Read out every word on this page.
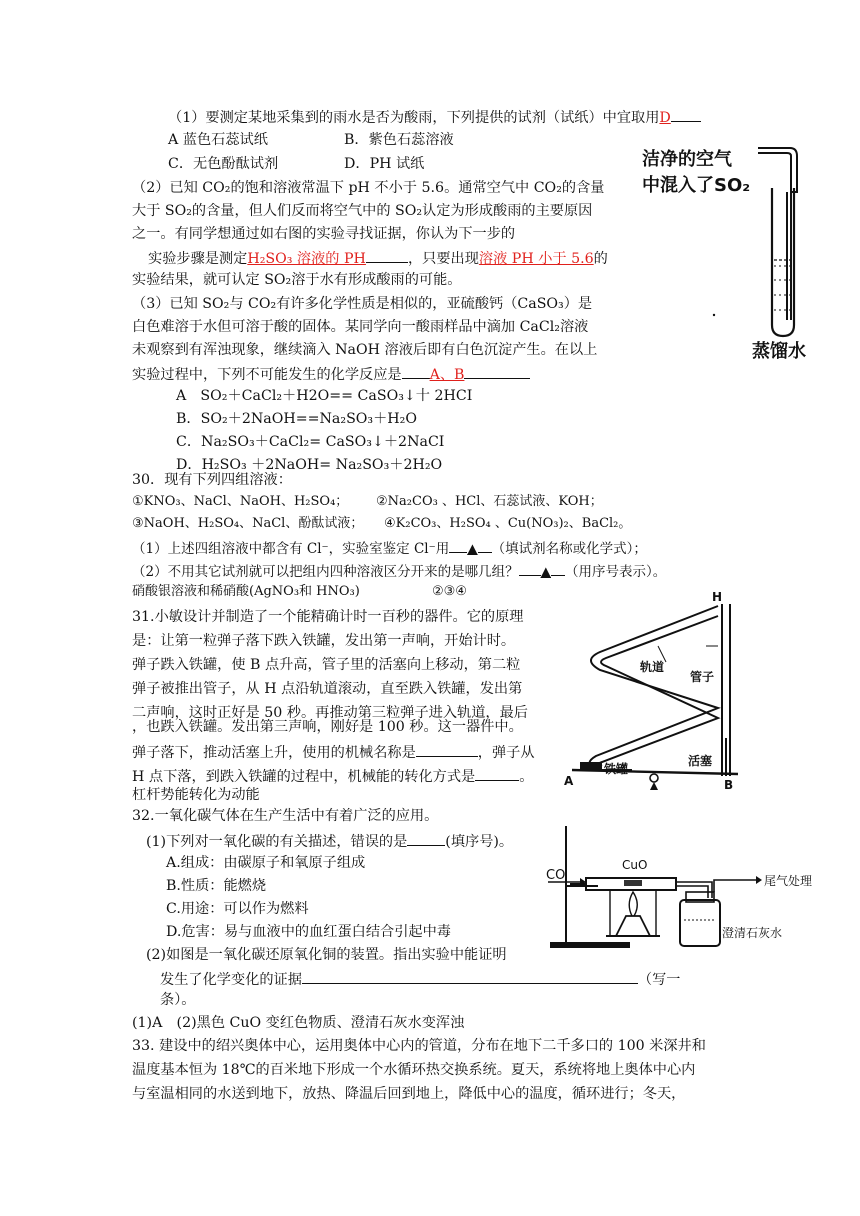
（1）要测定某地采集到的雨水是否为酸雨，下列提供的试剂（试纸）中宜取用D
A 蓝色石蕊试纸	B．紫色石蕊溶液
C．无色酚酞试剂	D．PH 试纸
（2）已知 CO₂的饱和溶液常温下 pH 不小于 5.6。通常空气中 CO₂的含量
大于 SO₂的含量，但人们反而将空气中的 SO₂认定为形成酸雨的主要原因
之一。有同学想通过如右图的实验寻找证据，你认为下一步的
实验步骤是测定H₂SO₃ 溶液的 PH	，只要出现溶液 PH 小于 5.6的
实验结果，就可认定 SO₂溶于水有形成酸雨的可能。
（3）已知 SO₂与 CO₂有许多化学性质是相似的，亚硫酸钙（CaSO₃）是
白色难溶于水但可溶于酸的固体。某同学向一酸雨样品中滴加 CaCl₂溶液
未观察到有浑浊现象，继续滴入 NaOH 溶液后即有白色沉淀产生。在以上
实验过程中，下列不可能发生的化学反应是 A、B
A　SO₂＋CaCl₂＋H2O== CaSO₃↓十 2HCI
B．SO₂＋2NaOH==Na₂SO₃＋H₂O
C．Na₂SO₃＋CaCl₂= CaSO₃↓＋2NaCI
D．H₂SO₃ ＋2NaOH= Na₂SO₃＋2H₂O
洁净的空气
中混入了SO₂
蒸馏水
30．现有下列四组溶液：
①KNO₃、NaCl、NaOH、H₂SO₄； ②Na₂CO₃ 、HCl、石蕊试液、KOH；
③NaOH、H₂SO₄、NaCl、酚酞试液； ④K₂CO₃、H₂SO₄ 、Cu(NO₃)₂、BaCl₂。
（1）上述四组溶液中都含有 Cl⁻，实验室鉴定 Cl⁻用 ▲ （填试剂名称或化学式）；
（2）不用其它试剂就可以把组内四种溶液区分开来的是哪几组？ ▲ （用序号表示）。
硝酸银溶液和稀硝酸(AgNO₃和 HNO₃)	②③④
31.小敏设计并制造了一个能精确计时一百秒的器件。它的原理
是：让第一粒弹子落下跌入铁罐，发出第一声响，开始计时。
弹子跌入铁罐，使 B 点升高，管子里的活塞向上移动，第二粒
弹子被推出管子，从 H 点沿轨道滚动，直至跌入铁罐，发出第
二声响，这时正好是 50 秒。再推动第三粒弹子进入轨道，最后
，也跌入铁罐。发出第三声响，刚好是 100 秒。这一器件中。
弹子落下，推动活塞上升，使用的机械名称是	，弹子从
H 点下落，到跌入铁罐的过程中，机械能的转化方式是	。
杠杆势能转化为动能
H
轨道
管子
活塞
铁罐
A	B
32.一氧化碳气体在生产生活中有着广泛的应用。
(1)下列对一氧化碳的有关描述，错误的是	(填序号)。
A.组成：由碳原子和氧原子组成
B.性质：能燃烧
C.用途：可以作为燃料
D.危害：易与血液中的血红蛋白结合引起中毒
(2)如图是一氧化碳还原氧化铜的装置。指出实验中能证明
发生了化学变化的证据	（写一
条）。
(1)A　(2)黑色 CuO 变红色物质、澄清石灰水变浑浊
CO
CuO
尾气处理
澄清石灰水
33. 建设中的绍兴奥体中心，运用奥体中心内的管道，分布在地下二千多口的 100 米深井和
温度基本恒为 18℃的百米地下形成一个水循环热交换系统。夏天，系统将地上奥体中心内
与室温相同的水送到地下，放热、降温后回到地上，降低中心的温度，循环进行；冬天，
